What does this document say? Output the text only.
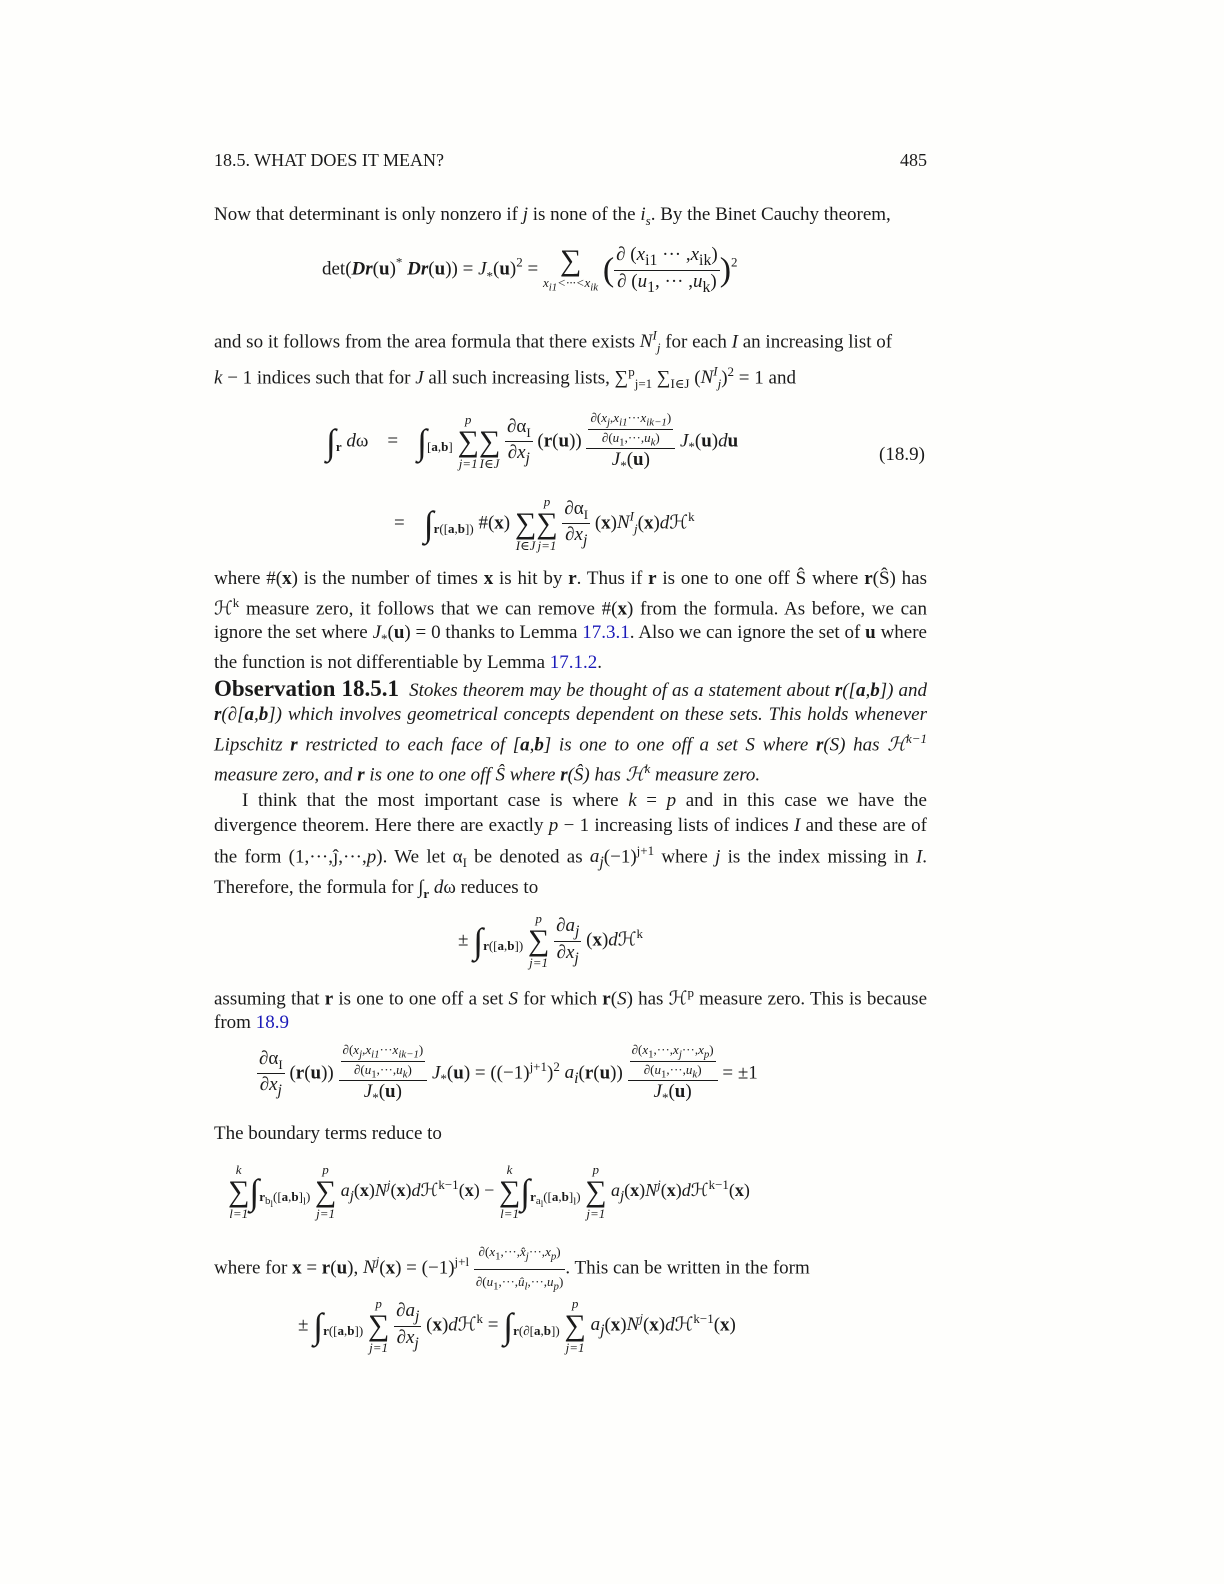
18.5. WHAT DOES IT MEAN?	485
Now that determinant is only nonzero if j is none of the $i_s$. By the Binet Cauchy theorem,
det(Dr(u)* $Dr(u)) = J_*(u)^2$ = ∑
$x_{i1}<\cdot\cdot\cdot<x_{ik}$ ( $\frac{\partial (x_{i1} \cdot\cdot\cdot ,x_{ik})}{\partial (u_1, \cdot\cdot\cdot ,u_k)} )^2$
and so it follows from the area formula that there exists $N^I_j$ for each I an increasing list of
k − 1 indices such that for J all such increasing lists, ∑$^p_{j=1}$ $\sum_{I\in J}$ $(N^I_j)^2 = 1$ and
$\int_r$ dω    =    $\int_{[a,b]}$
p
∑
j=1

∑
I∈J
$\frac{\partial\alpha_I}{\partial x_j} (r(u)) \frac{\frac{\partial(x_j,x_{i1}\cdot\cdot\cdot x_{ik-1})}{\partial(u_1,\cdot\cdot\cdot,u_k)}}{J_*(u)} J_*(u)du$
(18.9)
=    $\int_{r([a,b])}$ #(x)
∑
I∈J
p
∑
j=1
$\frac{\partial\alpha_I}{\partial x_j}$ $(x)N^I_j(x)dℋ^k$
where #(x) is the number of times x is hit by r. Thus if r is one to one off Ŝ where r(Ŝ) has ℋ$^k$ measure zero, it follows that we can remove #(x) from the formula. As before, we can ignore the set where $J_*(u) = 0$ thanks to Lemma 17.3.1. Also we can ignore the set of u where the function is not differentiable by Lemma 17.1.2.
Observation 18.5.1  Stokes theorem may be thought of as a statement about r([a,b]) and r(∂[a,b]) which involves geometrical concepts dependent on these sets. This holds whenever Lipschitz r restricted to each face of [a,b] is one to one off a set S where r(S) has ℋ$^{k-1}$ measure zero, and r is one to one off Ŝ where r(Ŝ) has ℋ$^k$ measure zero.
I think that the most important case is where k = p and in this case we have the divergence theorem. Here there are exactly p − 1 increasing lists of indices I and these are of the form (1,···,ĵ,···,p). We let $\alpha_I$ be denoted as $a_j(-1)^{j+1}$ where j is the index missing in I. Therefore, the formula for $\int_r$ dω reduces to
± $\int_{r([a,b])}$
p
∑
j=1
$\frac{\partial a_j}{\partial x_j}$ (x)dℋ$^k$
assuming that r is one to one off a set S for which r(S) has ℋ$^p$ measure zero. This is because from 18.9
$\frac{\partial\alpha_I}{\partial x_j} (r(u)) \frac{\frac{\partial(x_j,x_{i1}\cdot\cdot\cdot x_{ik-1})}{\partial(u_1,\cdot\cdot\cdot,u_k)}}{J_*(u)} J_*(u) = ((-1)^{j+1})^2$ $a_i(r(u)) \frac{\frac{\partial(x_1,\cdot\cdot\cdot,x_j\cdot\cdot\cdot,x_p)}{\partial(u_1,\cdot\cdot\cdot,u_k)}}{J_*(u)} = \pm 1$
The boundary terms reduce to
k
∑
l=1
$\int_{r_{b_l}([a,b]_l)}$
p
∑
j=1
$a_j(x)N^j(x)dℋ^{k-1}(x)$ −
k
∑
l=1
$\int_{r_{a_l}([a,b]_l)}$
p
∑
j=1
$a_j(x)N^j(x)dℋ^{k-1}(x)$
where for x = r(u), $N^j(x) = (-1)^{j+l} \frac{\partial(x_1,\cdot\cdot\cdot,x̂_j\cdot\cdot\cdot,x_p)}{\partial(u_1,\cdot\cdot\cdot,û_l,\cdot\cdot\cdot,u_p)}$ . This can be written in the form
± $\int_{r([a,b])}$
p
∑
j=1
$\frac{\partial a_j}{\partial x_j}$ (x)dℋ$^k$ = $\int_{r(\partial[a,b])}$
p
∑
j=1
$a_j(x)N^j(x)dℋ^{k-1}(x)$
